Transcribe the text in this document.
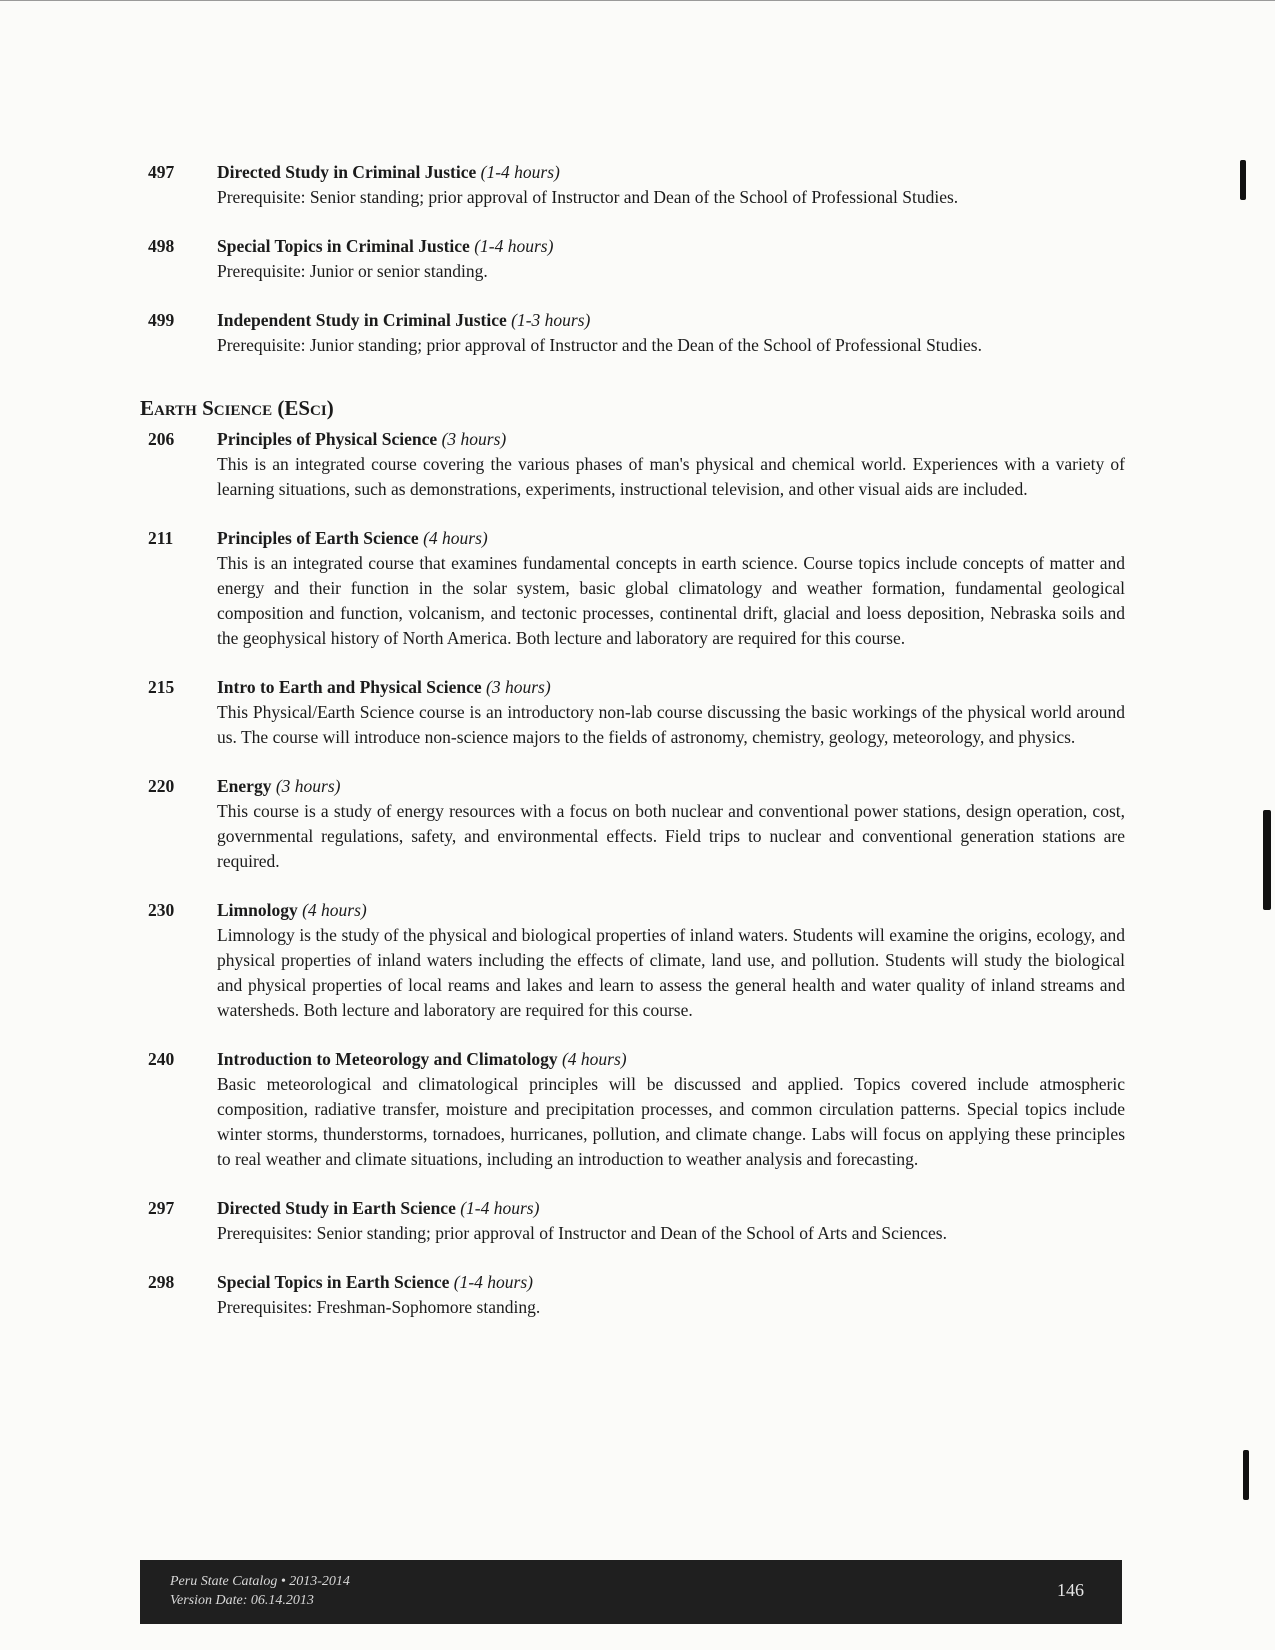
497	Directed Study in Criminal Justice (1-4 hours)
Prerequisite: Senior standing; prior approval of Instructor and Dean of the School of Professional Studies.
498	Special Topics in Criminal Justice (1-4 hours)
Prerequisite: Junior or senior standing.
499	Independent Study in Criminal Justice (1-3 hours)
Prerequisite: Junior standing; prior approval of Instructor and the Dean of the School of Professional Studies.
Earth Science (ESci)
206	Principles of Physical Science (3 hours)
This is an integrated course covering the various phases of man's physical and chemical world. Experiences with a variety of learning situations, such as demonstrations, experiments, instructional television, and other visual aids are included.
211	Principles of Earth Science (4 hours)
This is an integrated course that examines fundamental concepts in earth science. Course topics include concepts of matter and energy and their function in the solar system, basic global climatology and weather formation, fundamental geological composition and function, volcanism, and tectonic processes, continental drift, glacial and loess deposition, Nebraska soils and the geophysical history of North America. Both lecture and laboratory are required for this course.
215	Intro to Earth and Physical Science (3 hours)
This Physical/Earth Science course is an introductory non-lab course discussing the basic workings of the physical world around us. The course will introduce non-science majors to the fields of astronomy, chemistry, geology, meteorology, and physics.
220	Energy (3 hours)
This course is a study of energy resources with a focus on both nuclear and conventional power stations, design operation, cost, governmental regulations, safety, and environmental effects. Field trips to nuclear and conventional generation stations are required.
230	Limnology (4 hours)
Limnology is the study of the physical and biological properties of inland waters. Students will examine the origins, ecology, and physical properties of inland waters including the effects of climate, land use, and pollution. Students will study the biological and physical properties of local reams and lakes and learn to assess the general health and water quality of inland streams and watersheds. Both lecture and laboratory are required for this course.
240	Introduction to Meteorology and Climatology (4 hours)
Basic meteorological and climatological principles will be discussed and applied. Topics covered include atmospheric composition, radiative transfer, moisture and precipitation processes, and common circulation patterns. Special topics include winter storms, thunderstorms, tornadoes, hurricanes, pollution, and climate change. Labs will focus on applying these principles to real weather and climate situations, including an introduction to weather analysis and forecasting.
297	Directed Study in Earth Science (1-4 hours)
Prerequisites: Senior standing; prior approval of Instructor and Dean of the School of Arts and Sciences.
298	Special Topics in Earth Science (1-4 hours)
Prerequisites: Freshman-Sophomore standing.
Peru State Catalog • 2013-2014
Version Date: 06.14.2013
146
